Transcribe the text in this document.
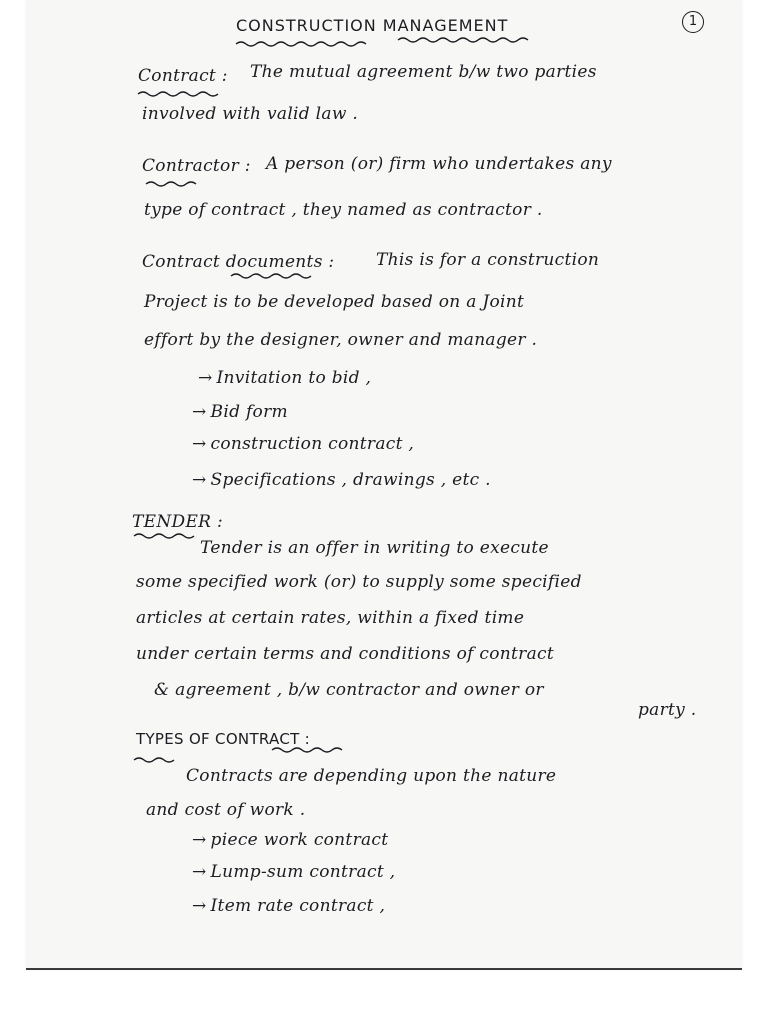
CONSTRUCTION MANAGEMENT	1
Contract : The mutual agreement b/w two parties
involved with valid law .
Contractor : A person (or) firm who undertakes any
type of contract , they named as contractor .
Contract documents : This is for a construction
Project is to be developed based on a Joint
effort by the designer, owner and manager .
→ Invitation to bid ,
→ Bid form
→ construction contract ,
→ Specifications , drawings , etc .
TENDER :
Tender is an offer in writing to execute
some specified work (or) to supply some specified
articles at certain rates, within a fixed time
under certain terms and conditions of contract
& agreement , b/w contractor and owner or
party .
TYPES OF CONTRACT :
Contracts are depending upon the nature
and cost of work .
→ piece work contract
→ Lump-sum contract ,
→ Item rate contract ,
